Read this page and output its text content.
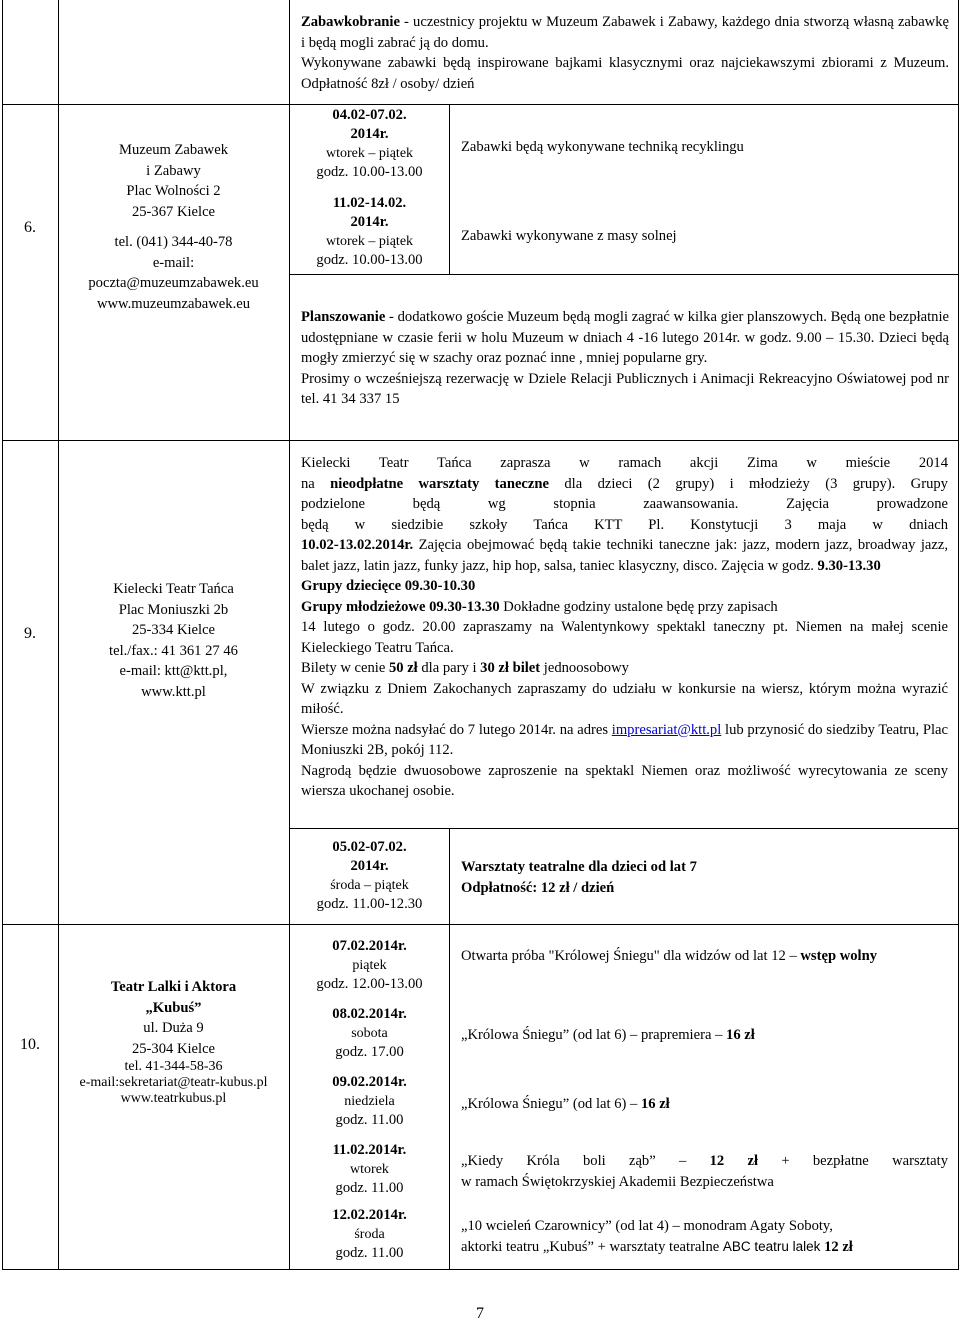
Zabawkobranie - uczestnicy projektu w Muzeum Zabawek i Zabawy, każdego dnia stworzą własną zabawkę i będą mogli zabrać ją do domu.

Wykonywane zabawki będą inspirowane bajkami klasycznymi oraz najciekawszymi zbiorami z Muzeum. Odpłatność 8zł / osoby/ dzień

6.
Muzeum Zabawek
i Zabawy
Plac Wolności 2
25-367 Kielce
tel. (041) 344-40-78
e-mail:
poczta@muzeumzabawek.eu
www.muzeumzabawek.eu
04.02-07.02.
2014r.
wtorek – piątek
godz. 10.00-13.00
11.02-14.02.
2014r.
wtorek – piątek
godz. 10.00-13.00
Zabawki będą wykonywane techniką recyklingu
Zabawki wykonywane z masy solnej

Planszowanie - dodatkowo goście Muzeum będą mogli zagrać w kilka gier planszowych. Będą one bezpłatnie udostępniane w czasie ferii w holu Muzeum w dniach 4 -16 lutego 2014r. w godz. 9.00 – 15.30. Dzieci będą mogły zmierzyć się w szachy oraz poznać inne , mniej popularne gry.

Prosimy o wcześniejszą rezerwację w Dziele Relacji Publicznych i Animacji Rekreacyjno Oświatowej pod nr tel. 41 34 337 15

9.
Kielecki Teatr Tańca
Plac Moniuszki 2b
25-334 Kielce
tel./fax.: 41 361 27 46
e-mail: ktt@ktt.pl,
www.ktt.pl
Kielecki Teatr Tańca zaprasza w ramach akcji Zima w mieście 2014
na nieodpłatne warsztaty taneczne dla dzieci (2 grupy) i młodzieży (3 grupy). Grupy
podzielone będą wg stopnia zaawansowania. Zajęcia prowadzone
będą w siedzibie szkoły Tańca KTT Pl. Konstytucji 3 maja w dniach
10.02-13.02.2014r. Zajęcia obejmować będą takie techniki taneczne jak: jazz, modern jazz, broadway jazz, balet jazz, latin jazz, funky jazz, hip hop, salsa, taniec klasyczny, disco. Zajęcia w godz. 9.30-13.30
Grupy dziecięce 09.30-10.30
Grupy młodzieżowe 09.30-13.30 Dokładne godziny ustalone będę przy zapisach
14 lutego o godz. 20.00 zapraszamy na Walentynkowy spektakl taneczny pt. Niemen na małej scenie Kieleckiego Teatru Tańca.
Bilety w cenie 50 zł dla pary i 30 zł bilet jednoosobowy
W związku z Dniem Zakochanych zapraszamy do udziału w konkursie na wiersz, którym można wyrazić miłość.
Wiersze można nadsyłać do 7 lutego 2014r. na adres impresariat@ktt.pl lub przynosić do siedziby Teatru, Plac Moniuszki 2B, pokój 112.
Nagrodą będzie dwuosobowe zaproszenie na spektakl Niemen oraz możliwość wyrecytowania ze sceny wiersza ukochanej osobie.
05.02-07.02.
2014r.
środa – piątek
godz. 11.00-12.30
Warsztaty teatralne dla dzieci od lat 7
Odpłatność: 12 zł / dzień
10.
Teatr Lalki i Aktora
„Kubuś”
ul. Duża 9
25-304 Kielce
tel. 41-344-58-36
e-mail:sekretariat@teatr-kubus.pl
www.teatrkubus.pl
07.02.2014r.
piątek
godz. 12.00-13.00
08.02.2014r.
sobota
godz. 17.00
09.02.2014r.
niedziela
godz. 11.00
11.02.2014r.
wtorek
godz. 11.00
12.02.2014r.
środa
godz. 11.00
Otwarta próba "Królowej Śniegu" dla widzów od lat 12 – wstęp wolny
„Królowa Śniegu” (od lat 6) – prapremiera – 16 zł
„Królowa Śniegu” (od lat 6) – 16 zł
„Kiedy Króla boli ząb” – 12 zł + bezpłatne warsztaty
w ramach Świętokrzyskiej Akademii Bezpieczeństwa
„10 wcieleń Czarownicy” (od lat 4) – monodram Agaty Soboty,
aktorki teatru „Kubuś” + warsztaty teatralne ABC teatru lalek 12 zł
7
